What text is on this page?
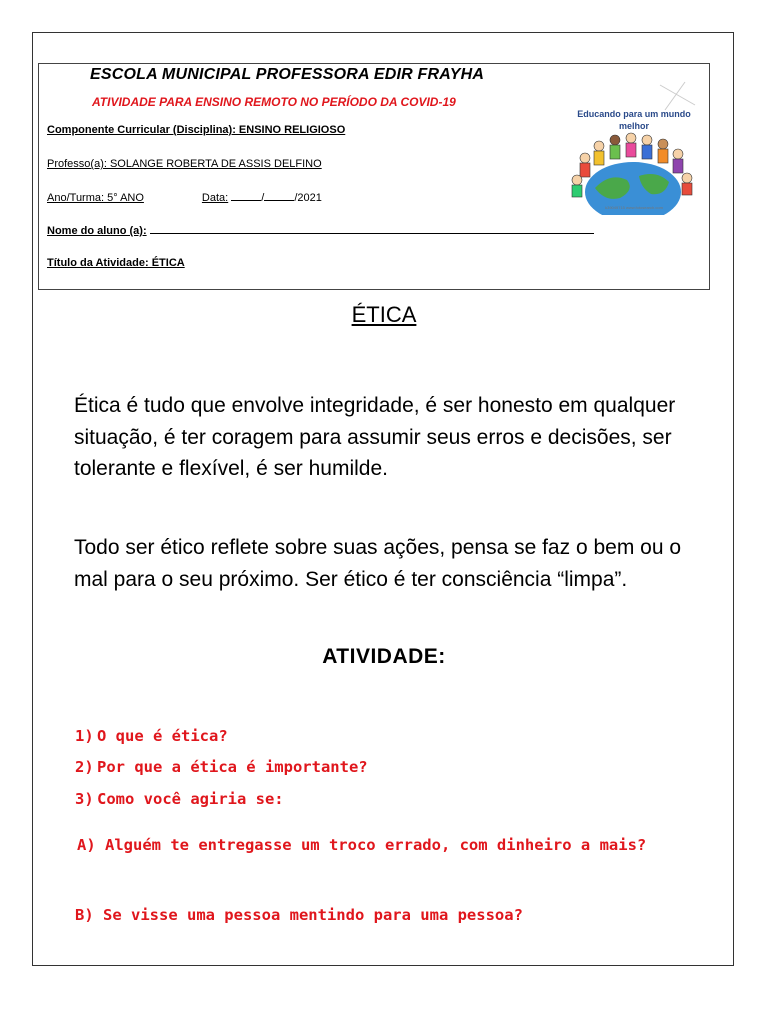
ESCOLA MUNICIPAL PROFESSORA EDIR FRAYHA
ATIVIDADE PARA ENSINO REMOTO NO PERÍODO DA COVID-19
Componente Curricular (Disciplina): ENSINO RELIGIOSO
Professo(a): SOLANGE ROBERTA DE ASSIS DELFINO
Ano/Turma: 5° ANO	Data:	/	/2021
Nome do aluno (a):
Título da Atividade: ÉTICA
Educando para um mundo
melhor
k39049715 www.fotosearch.com
ÉTICA

Ética é tudo que envolve integridade, é ser honesto em qualquer situação, é ter coragem para assumir seus erros e decisões, ser tolerante e flexível, é ser humilde.

Todo ser ético reflete sobre suas ações, pensa se faz o bem ou o mal para o seu próximo. Ser ético é ter consciência “limpa”.

ATIVIDADE:
1) O que é ética?
2) Por que a ética é importante?
3) Como você agiria se:
A) Alguém te entregasse um troco errado, com dinheiro a mais?
B) Se visse uma pessoa mentindo para uma pessoa?
